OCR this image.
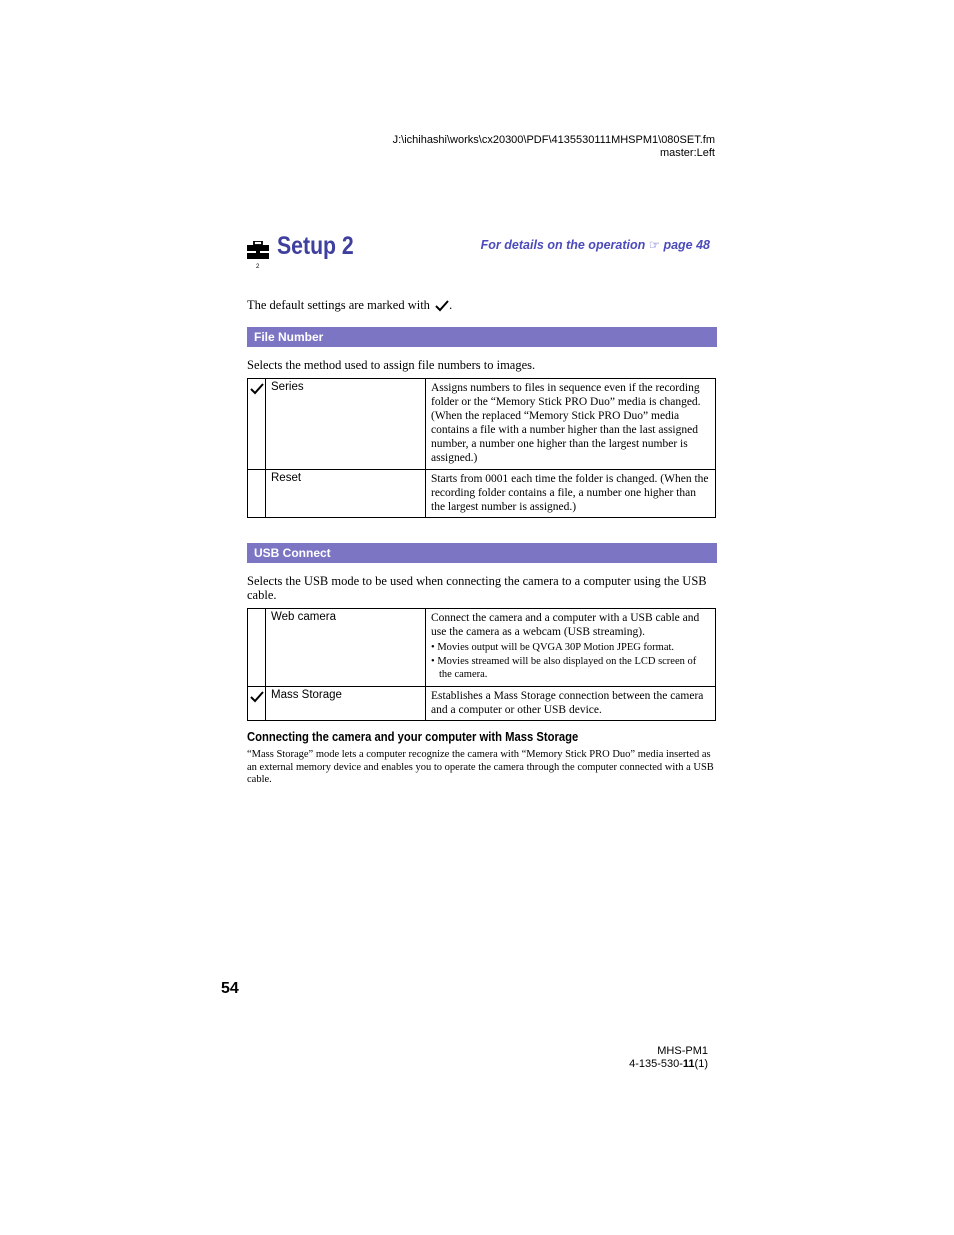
J:\ichihashi\works\cx20300\PDF\4135530111MHSPM1\080SET.fm
master:Left
2
Setup 2	For details on the operation ☞ page 48
The default settings are marked with .
File Number
Selects the method used to assign file numbers to images.
	Series	Assigns numbers to files in sequence even if the recording folder or the “Memory Stick PRO Duo” media is changed. (When the replaced “Memory Stick PRO Duo” media contains a file with a number higher than the last assigned number, a number one higher than the largest number is assigned.)
	Reset	Starts from 0001 each time the folder is changed. (When the recording folder contains a file, a number one higher than the largest number is assigned.)
USB Connect
Selects the USB mode to be used when connecting the camera to a computer using the USB cable.
	Web camera	Connect the camera and a computer with a USB cable and use the camera as a webcam (USB streaming).
• Movies output will be QVGA 30P Motion JPEG format.
• Movies streamed will be also displayed on the LCD screen of the camera.

	Mass Storage	Establishes a Mass Storage connection between the camera and a computer or other USB device.
Connecting the camera and your computer with Mass Storage
“Mass Storage” mode lets a computer recognize the camera with “Memory Stick PRO Duo” media inserted as an external memory device and enables you to operate the camera through the computer connected with a USB cable.
54
MHS-PM1
4-135-530-11(1)
